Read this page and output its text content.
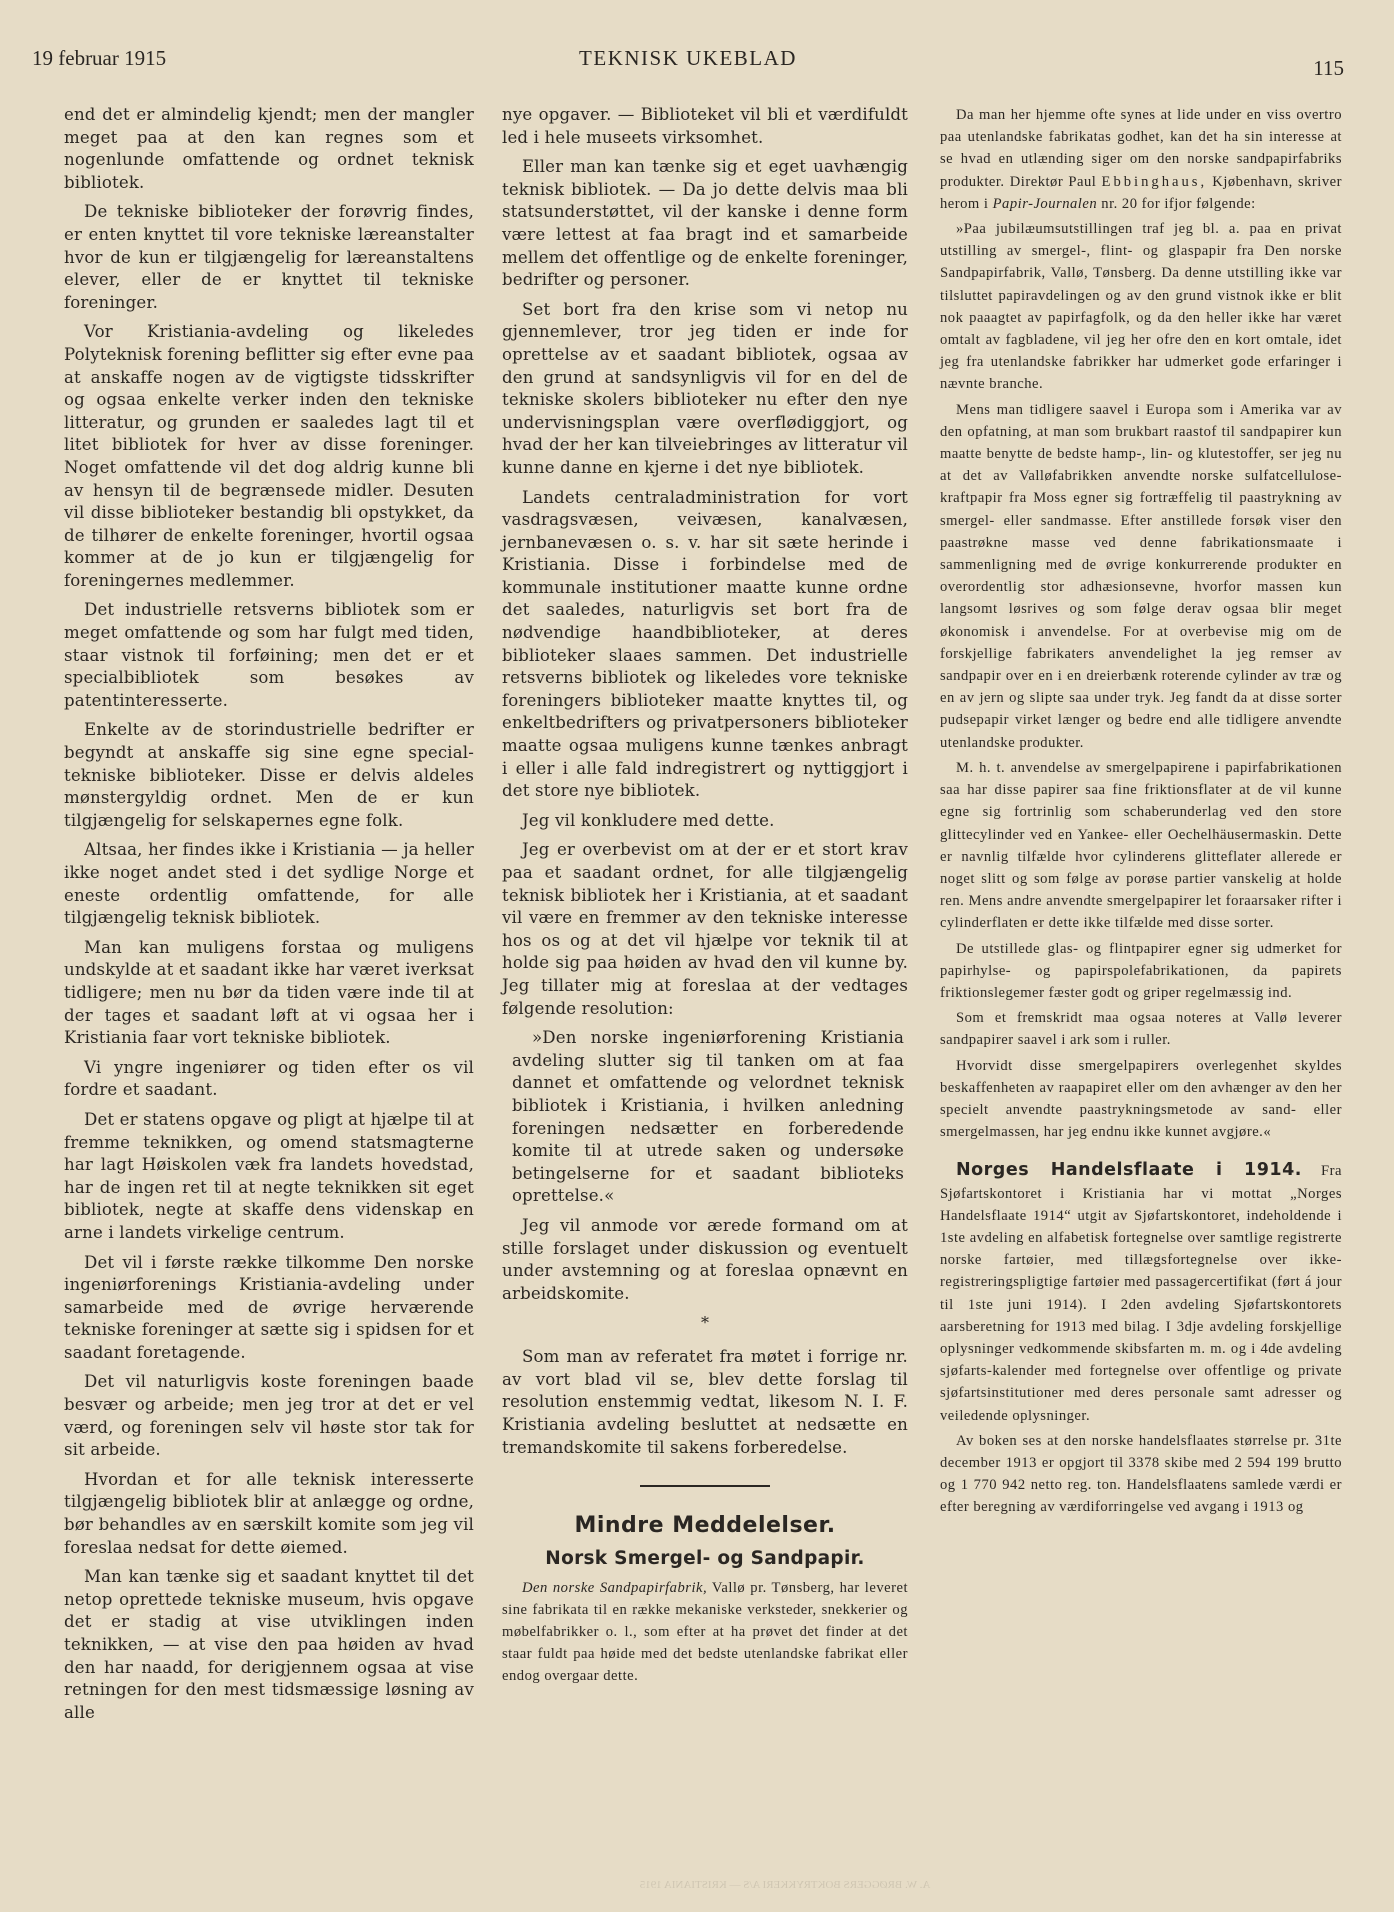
19 februar 1915	TEKNISK UKEBLAD	115

end det er almindelig kjendt; men der mangler meget paa at den kan regnes som et nogenlunde omfattende og ordnet teknisk bibliotek.

De tekniske biblioteker der forøvrig findes, er enten knyttet til vore tekniske læreanstalter hvor de kun er tilgjængelig for læreanstaltens elever, eller de er knyttet til tekniske foreninger.

Vor Kristiania-avdeling og likeledes Polyteknisk forening beflitter sig efter evne paa at anskaffe nogen av de vigtigste tidsskrifter og ogsaa enkelte verker inden den tekniske litteratur, og grunden er saaledes lagt til et litet bibliotek for hver av disse foreninger. Noget omfattende vil det dog aldrig kunne bli av hensyn til de begrænsede midler. Desuten vil disse biblioteker bestandig bli opstykket, da de tilhører de enkelte foreninger, hvortil ogsaa kommer at de jo kun er tilgjængelig for foreningernes medlemmer.

Det industrielle retsverns bibliotek som er meget omfattende og som har fulgt med tiden, staar vistnok til forføining; men det er et specialbibliotek som besøkes av patentinteresserte.

Enkelte av de storindustrielle bedrifter er begyndt at anskaffe sig sine egne special-tekniske biblioteker. Disse er delvis aldeles mønstergyldig ordnet. Men de er kun tilgjængelig for selskapernes egne folk.

Altsaa, her findes ikke i Kristiania — ja heller ikke noget andet sted i det sydlige Norge et eneste ordentlig omfattende, for alle tilgjængelig teknisk bibliotek.

Man kan muligens forstaa og muligens undskylde at et saadant ikke har været iverksat tidligere; men nu bør da tiden være inde til at der tages et saadant løft at vi ogsaa her i Kristiania faar vort tekniske bibliotek.

Vi yngre ingeniører og tiden efter os vil fordre et saadant.

Det er statens opgave og pligt at hjælpe til at fremme teknikken, og omend statsmagterne har lagt Høiskolen væk fra landets hovedstad, har de ingen ret til at negte teknikken sit eget bibliotek, negte at skaffe dens videnskap en arne i landets virkelige centrum.

Det vil i første række tilkomme Den norske ingeniørforenings Kristiania-avdeling under samarbeide med de øvrige herværende tekniske foreninger at sætte sig i spidsen for et saadant foretagende.

Det vil naturligvis koste foreningen baade besvær og arbeide; men jeg tror at det er vel værd, og foreningen selv vil høste stor tak for sit arbeide.

Hvordan et for alle teknisk interesserte tilgjængelig bibliotek blir at anlægge og ordne, bør behandles av en særskilt komite som jeg vil foreslaa nedsat for dette øiemed.

Man kan tænke sig et saadant knyttet til det netop oprettede tekniske museum, hvis opgave det er stadig at vise utviklingen inden teknikken, — at vise den paa høiden av hvad den har naadd, for derigjennem ogsaa at vise retningen for den mest tidsmæssige løsning av alle

nye opgaver. — Biblioteket vil bli et værdifuldt led i hele museets virksomhet.

Eller man kan tænke sig et eget uavhængig teknisk bibliotek. — Da jo dette delvis maa bli statsunderstøttet, vil der kanske i denne form være lettest at faa bragt ind et samarbeide mellem det offentlige og de enkelte foreninger, bedrifter og personer.

Set bort fra den krise som vi netop nu gjennemlever, tror jeg tiden er inde for oprettelse av et saadant bibliotek, ogsaa av den grund at sandsynligvis vil for en del de tekniske skolers biblioteker nu efter den nye undervisningsplan være overflødiggjort, og hvad der her kan tilveiebringes av litteratur vil kunne danne en kjerne i det nye bibliotek.

Landets centraladministration for vort vasdragsvæsen, veivæsen, kanalvæsen, jernbanevæsen o. s. v. har sit sæte herinde i Kristiania. Disse i forbindelse med de kommunale institutioner maatte kunne ordne det saaledes, naturligvis set bort fra de nødvendige haandbiblioteker, at deres biblioteker slaaes sammen. Det industrielle retsverns bibliotek og likeledes vore tekniske foreningers biblioteker maatte knyttes til, og enkeltbedrifters og privatpersoners biblioteker maatte ogsaa muligens kunne tænkes anbragt i eller i alle fald indregistrert og nyttiggjort i det store nye bibliotek.

Jeg vil konkludere med dette.

Jeg er overbevist om at der er et stort krav paa et saadant ordnet, for alle tilgjængelig teknisk bibliotek her i Kristiania, at et saadant vil være en fremmer av den tekniske interesse hos os og at det vil hjælpe vor teknik til at holde sig paa høiden av hvad den vil kunne by. Jeg tillater mig at foreslaa at der vedtages følgende resolution:

»Den norske ingeniørforening Kristiania avdeling slutter sig til tanken om at faa dannet et omfattende og velordnet teknisk bibliotek i Kristiania, i hvilken anledning foreningen nedsætter en forberedende komite til at utrede saken og undersøke betingelserne for et saadant biblioteks oprettelse.«

Jeg vil anmode vor ærede formand om at stille forslaget under diskussion og eventuelt under avstemning og at foreslaa opnævnt en arbeidskomite.

*

Som man av referatet fra møtet i forrige nr. av vort blad vil se, blev dette forslag til resolution enstemmig vedtat, likesom N. I. F. Kristiania avdeling besluttet at nedsætte en tremandskomite til sakens forberedelse.

Mindre Meddelelser.
Norsk Smergel- og Sandpapir.

Den norske Sandpapirfabrik, Vallø pr. Tønsberg, har leveret sine fabrikata til en række mekaniske verksteder, snekkerier og møbelfabrikker o. l., som efter at ha prøvet det finder at det staar fuldt paa høide med det bedste utenlandske fabrikat eller endog overgaar dette.

Da man her hjemme ofte synes at lide under en viss overtro paa utenlandske fabrikatas godhet, kan det ha sin interesse at se hvad en utlænding siger om den norske sandpapirfabriks produkter. Direktør Paul Ebbinghaus, Kjøbenhavn, skriver herom i Papir-Journalen nr. 20 for ifjor følgende:

»Paa jubilæumsutstillingen traf jeg bl. a. paa en privat utstilling av smergel-, flint- og glaspapir fra Den norske Sandpapirfabrik, Vallø, Tønsberg. Da denne utstilling ikke var tilsluttet papiravdelingen og av den grund vistnok ikke er blit nok paaagtet av papirfagfolk, og da den heller ikke har været omtalt av fagbladene, vil jeg her ofre den en kort omtale, idet jeg fra utenlandske fabrikker har udmerket gode erfaringer i nævnte branche.

Mens man tidligere saavel i Europa som i Amerika var av den opfatning, at man som brukbart raastof til sandpapirer kun maatte benytte de bedste hamp-, lin- og klutestoffer, ser jeg nu at det av Valløfabrikken anvendte norske sulfatcellulose-kraftpapir fra Moss egner sig fortræffelig til paastrykning av smergel- eller sandmasse. Efter anstillede forsøk viser den paastrøkne masse ved denne fabrikationsmaate i sammenligning med de øvrige konkurrerende produkter en overordentlig stor adhæsionsevne, hvorfor massen kun langsomt løsrives og som følge derav ogsaa blir meget økonomisk i anvendelse. For at overbevise mig om de forskjellige fabrikaters anvendelighet la jeg remser av sandpapir over en i en dreierbænk roterende cylinder av træ og en av jern og slipte saa under tryk. Jeg fandt da at disse sorter pudsepapir virket længer og bedre end alle tidligere anvendte utenlandske produkter.

M. h. t. anvendelse av smergelpapirene i papirfabrikationen saa har disse papirer saa fine friktionsflater at de vil kunne egne sig fortrinlig som schaberunderlag ved den store glittecylinder ved en Yankee- eller Oechelhäusermaskin. Dette er navnlig tilfælde hvor cylinderens glitteflater allerede er noget slitt og som følge av porøse partier vanskelig at holde ren. Mens andre anvendte smergelpapirer let foraarsaker rifter i cylinderflaten er dette ikke tilfælde med disse sorter.

De utstillede glas- og flintpapirer egner sig udmerket for papirhylse- og papirspolefabrikationen, da papirets friktionslegemer fæster godt og griper regelmæssig ind.

Som et fremskridt maa ogsaa noteres at Vallø leverer sandpapirer saavel i ark som i ruller.

Hvorvidt disse smergelpapirers overlegenhet skyldes beskaffenheten av raapapiret eller om den avhænger av den her specielt anvendte paastrykningsmetode av sand- eller smergelmassen, har jeg endnu ikke kunnet avgjøre.«

Norges Handelsflaate i 1914. Fra Sjøfartskontoret i Kristiania har vi mottat „Norges Handelsflaate 1914“ utgit av Sjøfartskontoret, indeholdende i 1ste avdeling en alfabetisk fortegnelse over samtlige registrerte norske fartøier, med tillægsfortegnelse over ikke-registreringspligtige fartøier med passagercertifikat (ført á jour til 1ste juni 1914). I 2den avdeling Sjøfartskontorets aarsberetning for 1913 med bilag. I 3dje avdeling forskjellige oplysninger vedkommende skibsfarten m. m. og i 4de avdeling sjøfarts-kalender med fortegnelse over offentlige og private sjøfartsinstitutioner med deres personale samt adresser og veiledende oplysninger.

Av boken ses at den norske handelsflaates størrelse pr. 31te december 1913 er opgjort til 3378 skibe med 2 594 199 brutto og 1 770 942 netto reg. ton. Handelsflaatens samlede værdi er efter beregning av værdiforringelse ved avgang i 1913 og

A. W. BRØGGERS BOKTRYKKERI A/S — KRISTIANIA 1915
